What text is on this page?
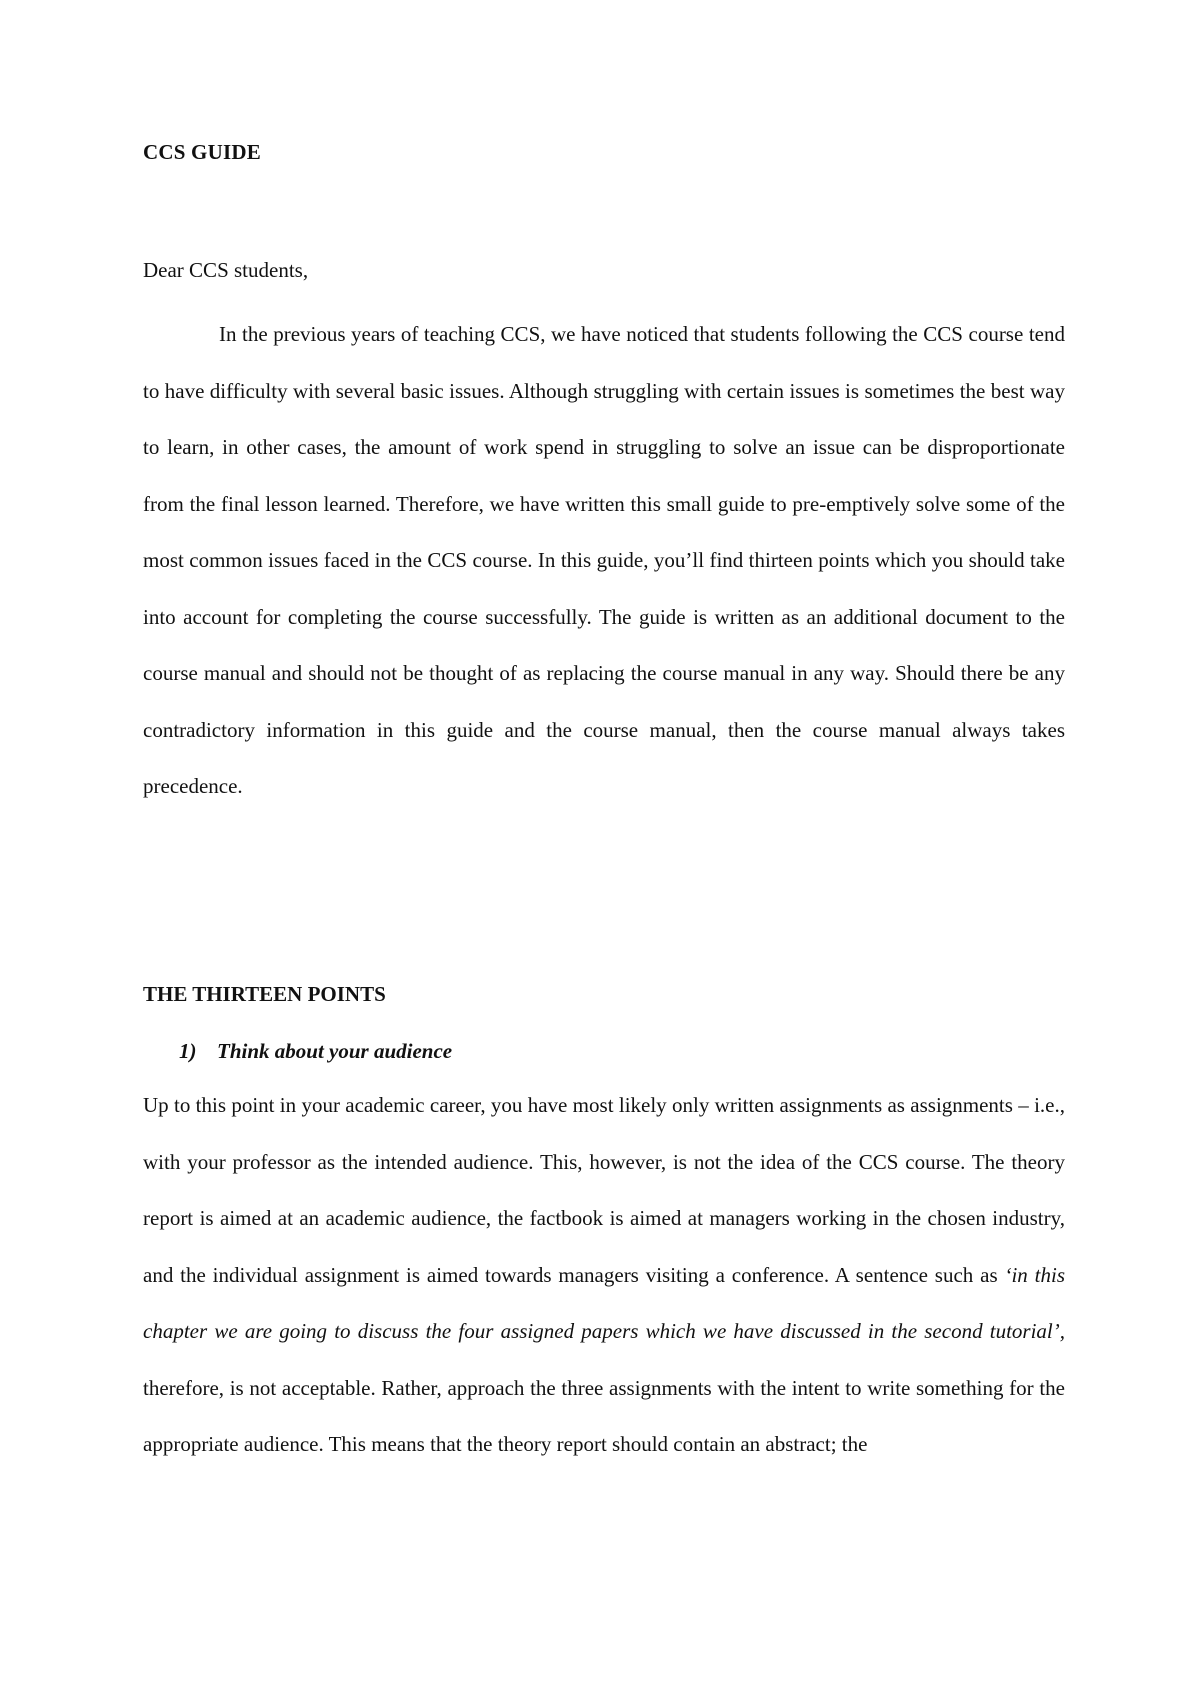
CCS GUIDE

Dear CCS students,

In the previous years of teaching CCS, we have noticed that students following the CCS course tend to have difficulty with several basic issues. Although struggling with certain issues is sometimes the best way to learn, in other cases, the amount of work spend in struggling to solve an issue can be disproportionate from the final lesson learned. Therefore, we have written this small guide to pre-emptively solve some of the most common issues faced in the CCS course. In this guide, you’ll find thirteen points which you should take into account for completing the course successfully. The guide is written as an additional document to the course manual and should not be thought of as replacing the course manual in any way. Should there be any contradictory information in this guide and the course manual, then the course manual always takes precedence.

THE THIRTEEN POINTS
1) Think about your audience

Up to this point in your academic career, you have most likely only written assignments as assignments – i.e., with your professor as the intended audience. This, however, is not the idea of the CCS course. The theory report is aimed at an academic audience, the factbook is aimed at managers working in the chosen industry, and the individual assignment is aimed towards managers visiting a conference. A sentence such as ‘in this chapter we are going to discuss the four assigned papers which we have discussed in the second tutorial’, therefore, is not acceptable. Rather, approach the three assignments with the intent to write something for the appropriate audience. This means that the theory report should contain an abstract; the
